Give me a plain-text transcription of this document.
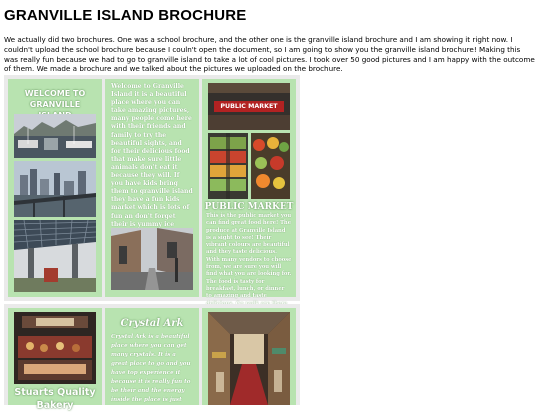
GRANVILLE ISLAND BROCHURE
We actually did two brochures. One was a school brochure, and the other one is the granville island brochure and I am showing it right now. I couldn't upload the school brochure because I couln't open the document, so I am going to show you the granville island brochure! Making this was really fun because we had to go to granville island to take a lot of cool pictures. I took over 50 good pictures and I am happy with the outcome of them. We made a brochure and we talked about the pictures we uploaded on the brochure.
WELCOME TO GRANVILLE
Welcome to Granville Island it is a beautiful place where you can take amazing pictures, many people come here with their friends and family to try the beautiful sights, and for their delicious food that make sure little animals don't eat it because they will. If you have kids bring them to granville island they have a fun kids market which is lots of fun an don't forget their is yummy ice
PUBLIC MARKET
PUBLIC MARKET
This is the public market you can find great food here! The produce at Granville Island is a sight to see! Their vibrant colours are beautiful and they taste delicious. With many vendors to choose from, we are sure you will find what you are looking for. The food is tasty for breakfast, lunch, or dinner to amazing and taste
Stuarts Quality Bakery
Crystal Ark
Crystal Ark is a beautiful place where you can get many crystals. It is a great place to go and you have top experience it because it is really fun to be their and the energy inside the place is just
